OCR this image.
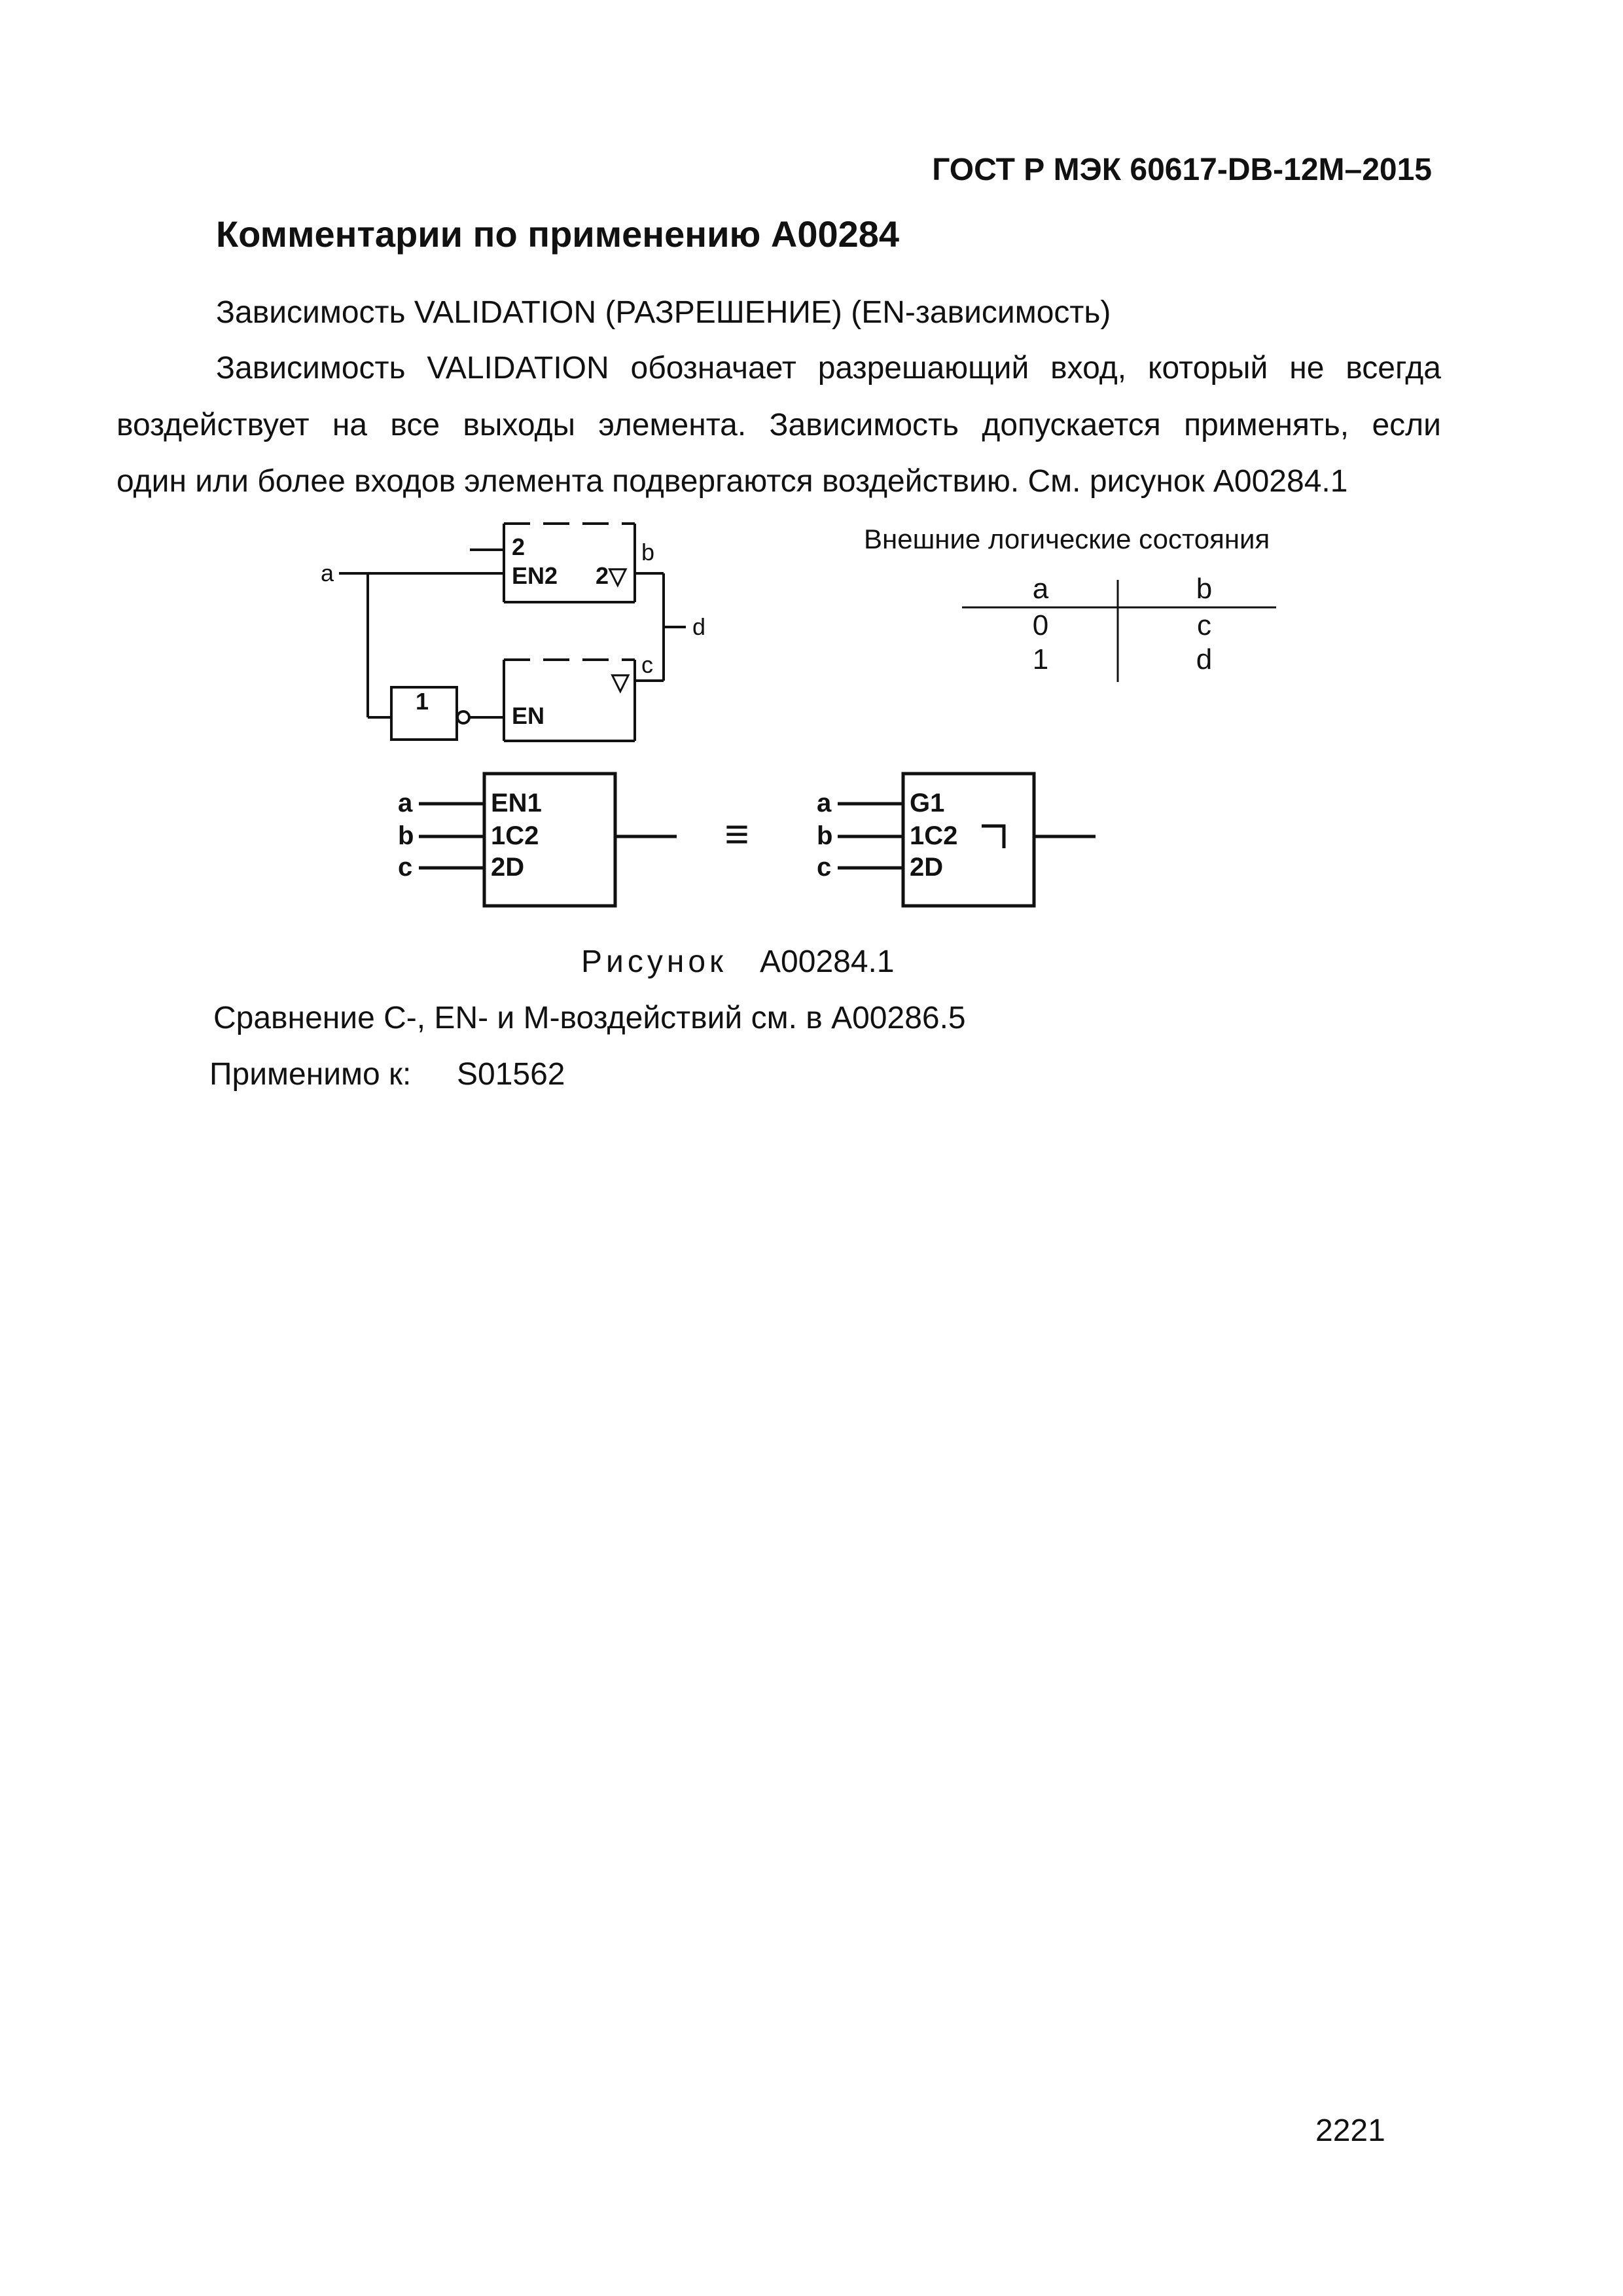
ГОСТ Р МЭК 60617-DB-12M–2015
Комментарии по применению A00284
Зависимость VALIDATION (РАЗРЕШЕНИЕ) (EN-зависимость)
Зависимость VALIDATION обозначает разрешающий вход, который не всегда
воздействует на все выходы элемента. Зависимость допускается применять, если
один или более входов элемента подвергаются воздействию. См. рисунок A00284.1
a
2
EN2 2▽
b
d
c
▽
1
EN
Внешние логические состояния
a	b
0	c
1	d
a
b
c
EN1
1C2
2D
a
b
c
G1
1C2
2D
≡
Рисунок A00284.1
Сравнение C-, EN- и M-воздействий см. в A00286.5
Применимо к: S01562
2221
